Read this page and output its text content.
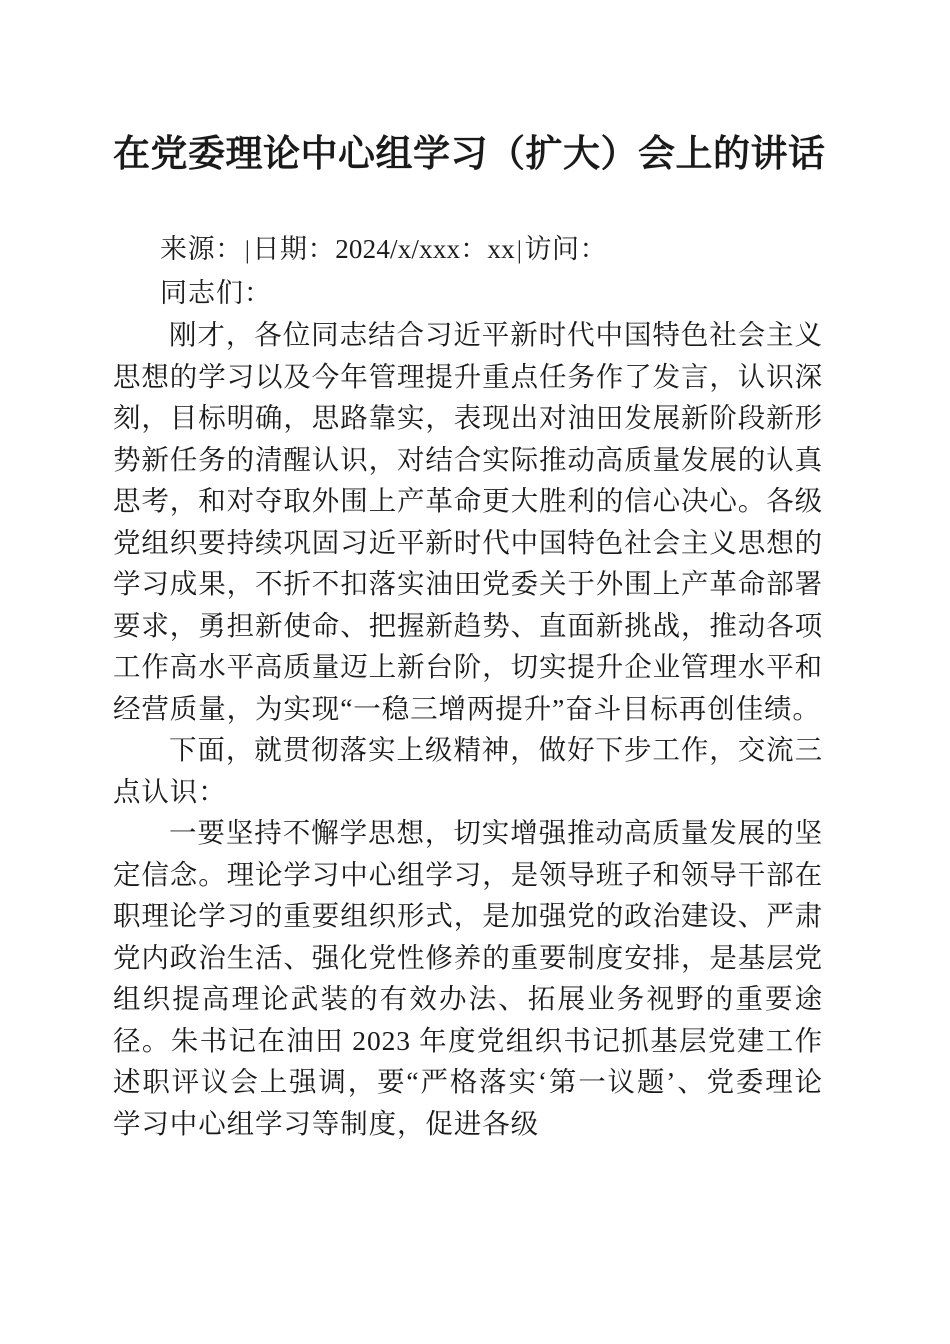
在党委理论中心组学习（扩大）会上的讲话

来源：|日期：2024/x/xxx：xx|访问：

同志们：

刚才，各位同志结合习近平新时代中国特色社会主义思想的学习以及今年管理提升重点任务作了发言，认识深刻，目标明确，思路靠实，表现出对油田发展新阶段新形势新任务的清醒认识，对结合实际推动高质量发展的认真思考，和对夺取外围上产革命更大胜利的信心决心。各级党组织要持续巩固习近平新时代中国特色社会主义思想的学习成果，不折不扣落实油田党委关于外围上产革命部署要求，勇担新使命、把握新趋势、直面新挑战，推动各项工作高水平高质量迈上新台阶，切实提升企业管理水平和经营质量，为实现“一稳三增两提升”奋斗目标再创佳绩。

下面，就贯彻落实上级精神，做好下步工作，交流三点认识：

一要坚持不懈学思想，切实增强推动高质量发展的坚定信念。理论学习中心组学习，是领导班子和领导干部在职理论学习的重要组织形式，是加强党的政治建设、严肃党内政治生活、强化党性修养的重要制度安排，是基层党组织提高理论武装的有效办法、拓展业务视野的重要途径。朱书记在油田 2023 年度党组织书记抓基层党建工作述职评议会上强调，要“严格落实‘第一议题’、党委理论学习中心组学习等制度，促进各级
